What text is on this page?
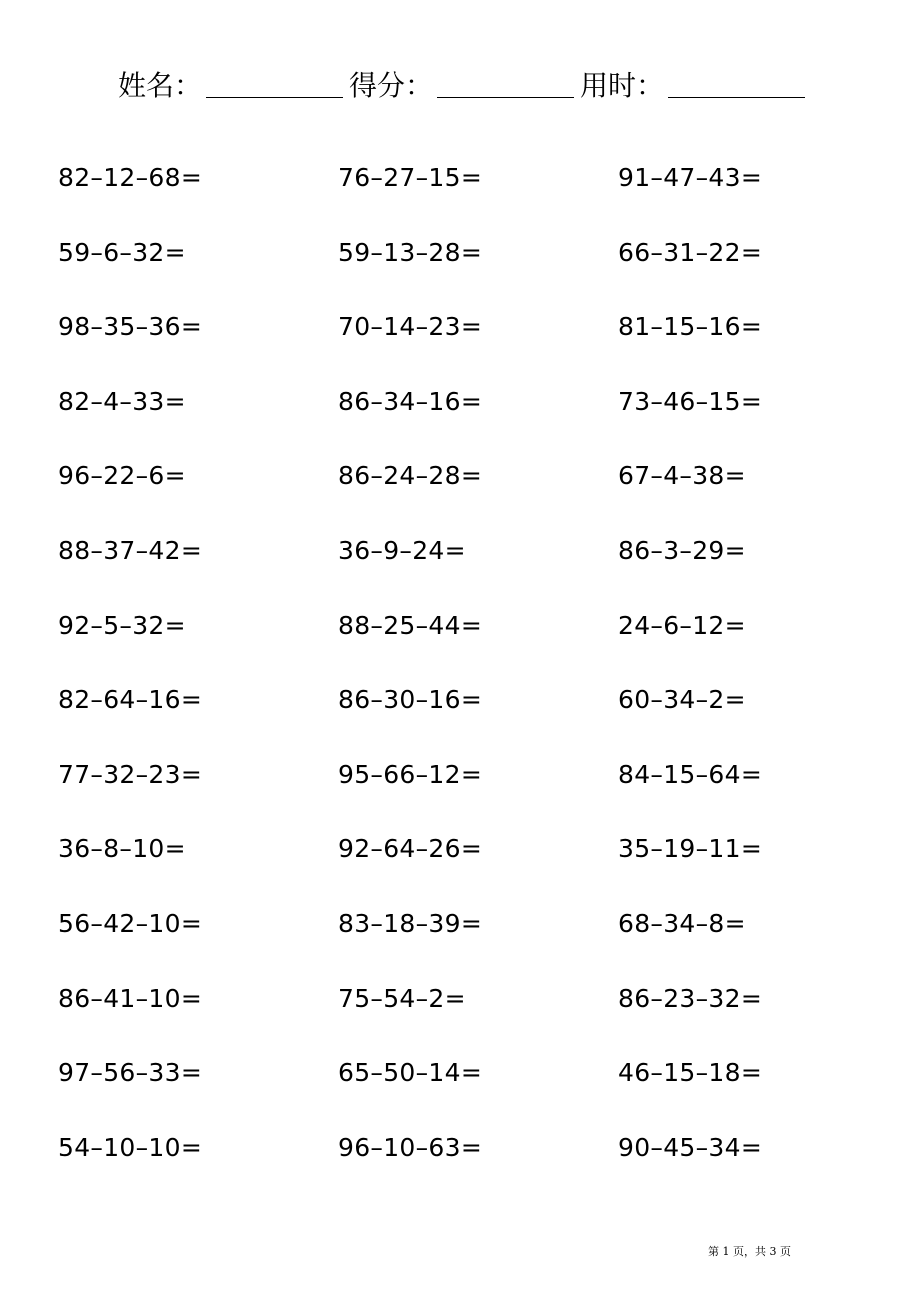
姓名：	得分：	用时：
82–12–68=	76–27–15=	91–47–43=
59–6–32=	59–13–28=	66–31–22=
98–35–36=	70–14–23=	81–15–16=
82–4–33=	86–34–16=	73–46–15=
96–22–6=	86–24–28=	67–4–38=
88–37–42=	36–9–24=	86–3–29=
92–5–32=	88–25–44=	24–6–12=
82–64–16=	86–30–16=	60–34–2=
77–32–23=	95–66–12=	84–15–64=
36–8–10=	92–64–26=	35–19–11=
56–42–10=	83–18–39=	68–34–8=
86–41–10=	75–54–2=	86–23–32=
97–56–33=	65–50–14=	46–15–18=
54–10–10=	96–10–63=	90–45–34=
第 1 页，共 3 页
